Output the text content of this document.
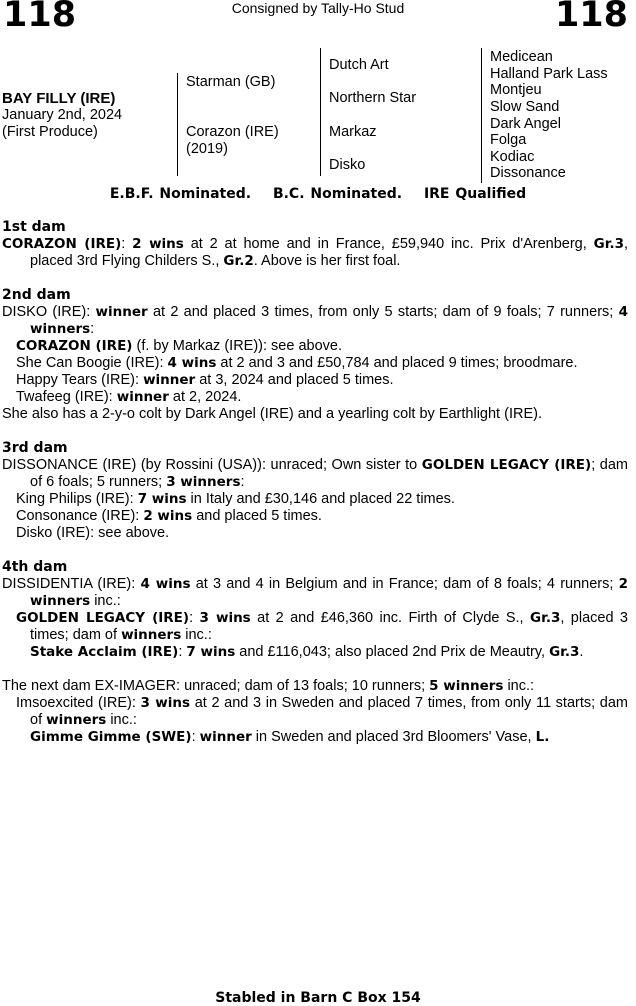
118	Consigned by Tally-Ho Stud	118
BAY FILLY (IRE)
January 2nd, 2024
(First Produce)
Starman (GB)
Corazon (IRE)
(2019)
Dutch Art
Northern Star
Markaz
Disko
Medicean
Halland Park Lass
Montjeu
Slow Sand
Dark Angel
Folga
Kodiac
Dissonance
E.B.F. Nominated. B.C. Nominated. IRE Qualified
1st dam

CORAZON (IRE): 2 wins at 2 at home and in France, £59,940 inc. Prix d'Arenberg, Gr.3, placed 3rd Flying Childers S., Gr.2. Above is her first foal.

2nd dam

DISKO (IRE): winner at 2 and placed 3 times, from only 5 starts; dam of 9 foals; 7 runners; 4 winners:

CORAZON (IRE) (f. by Markaz (IRE)): see above.

She Can Boogie (IRE): 4 wins at 2 and 3 and £50,784 and placed 9 times; broodmare.

Happy Tears (IRE): winner at 3, 2024 and placed 5 times.

Twafeeg (IRE): winner at 2, 2024.

She also has a 2-y-o colt by Dark Angel (IRE) and a yearling colt by Earthlight (IRE).

3rd dam

DISSONANCE (IRE) (by Rossini (USA)): unraced; Own sister to GOLDEN LEGACY (IRE); dam of 6 foals; 5 runners; 3 winners:

King Philips (IRE): 7 wins in Italy and £30,146 and placed 22 times.

Consonance (IRE): 2 wins and placed 5 times.

Disko (IRE): see above.

4th dam

DISSIDENTIA (IRE): 4 wins at 3 and 4 in Belgium and in France; dam of 8 foals; 4 runners; 2 winners inc.:

GOLDEN LEGACY (IRE): 3 wins at 2 and £46,360 inc. Firth of Clyde S., Gr.3, placed 3 times; dam of winners inc.:

Stake Acclaim (IRE): 7 wins and £116,043; also placed 2nd Prix de Meautry, Gr.3.

The next dam EX-IMAGER: unraced; dam of 13 foals; 10 runners; 5 winners inc.:

Imsoexcited (IRE): 3 wins at 2 and 3 in Sweden and placed 7 times, from only 11 starts; dam of winners inc.:

Gimme Gimme (SWE): winner in Sweden and placed 3rd Bloomers' Vase, L.

Stabled in Barn C Box 154
